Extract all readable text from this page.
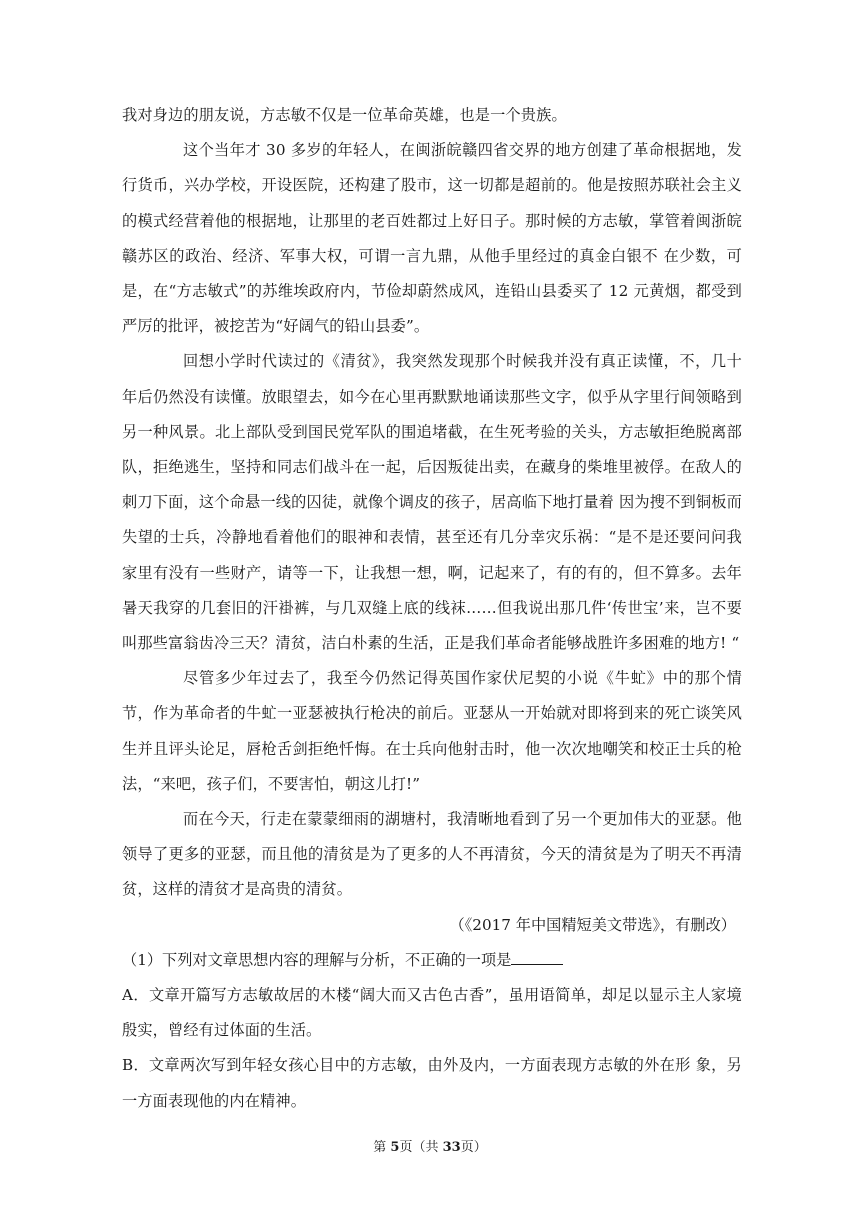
我对身边的朋友说，方志敏不仅是一位革命英雄，也是一个贵族。

这个当年才 30 多岁的年轻人，在闽浙皖赣四省交界的地方创建了革命根据地，发行货币，兴办学校，开设医院，还构建了股市，这一切都是超前的。他是按照苏联社会主义的模式经营着他的根据地，让那里的老百姓都过上好日子。那时候的方志敏，掌管着闽浙皖赣苏区的政治、经济、军事大权，可谓一言九鼎，从他手里经过的真金白银不 在少数，可是，在“方志敏式”的苏维埃政府内，节俭却蔚然成风，连铅山县委买了 12 元黄烟，都受到严厉的批评，被挖苦为“好阔气的铅山县委”。

回想小学时代读过的《清贫》，我突然发现那个时候我并没有真正读懂，不，几十年后仍然没有读懂。放眼望去，如今在心里再默默地诵读那些文字，似乎从字里行间领略到另一种风景。北上部队受到国民党军队的围追堵截，在生死考验的关头，方志敏拒绝脱离部队，拒绝逃生，坚持和同志们战斗在一起，后因叛徒出卖，在藏身的柴堆里被俘。在敌人的刺刀下面，这个命悬一线的囚徒，就像个调皮的孩子，居高临下地打量着 因为搜不到铜板而失望的士兵，冷静地看着他们的眼神和表情，甚至还有几分幸灾乐祸：“是不是还要问问我家里有没有一些财产，请等一下，让我想一想，啊，记起来了，有的有的，但不算多。去年暑天我穿的几套旧的汗褂裤，与几双缝上底的线袜……但我说出那几件‘传世宝’来，岂不要叫那些富翁齿冷三天？清贫，洁白朴素的生活，正是我们革命者能够战胜许多困难的地方! “

尽管多少年过去了，我至今仍然记得英国作家伏尼契的小说《牛虻》中的那个情节，作为革命者的牛虻一亚瑟被执行枪决的前后。亚瑟从一开始就对即将到来的死亡谈笑风生并且评头论足，唇枪舌剑拒绝忏悔。在士兵向他射击时，他一次次地嘲笑和校正士兵的枪法，“来吧，孩子们，不要害怕，朝这儿打!”

而在今天，行走在蒙蒙细雨的湖塘村，我清晰地看到了另一个更加伟大的亚瑟。他领导了更多的亚瑟，而且他的清贫是为了更多的人不再清贫，今天的清贫是为了明天不再清贫，这样的清贫才是高贵的清贫。

（《2017 年中国精短美文带选》，有删改）

（1）下列对文章思想内容的理解与分析，不正确的一项是

A．文章开篇写方志敏故居的木楼“阔大而又古色古香”，虽用语简单，却足以显示主人家境殷实，曾经有过体面的生活。

B．文章两次写到年轻女孩心目中的方志敏，由外及内，一方面表现方志敏的外在形 象，另一方面表现他的内在精神。

第 5页（共 33页）
